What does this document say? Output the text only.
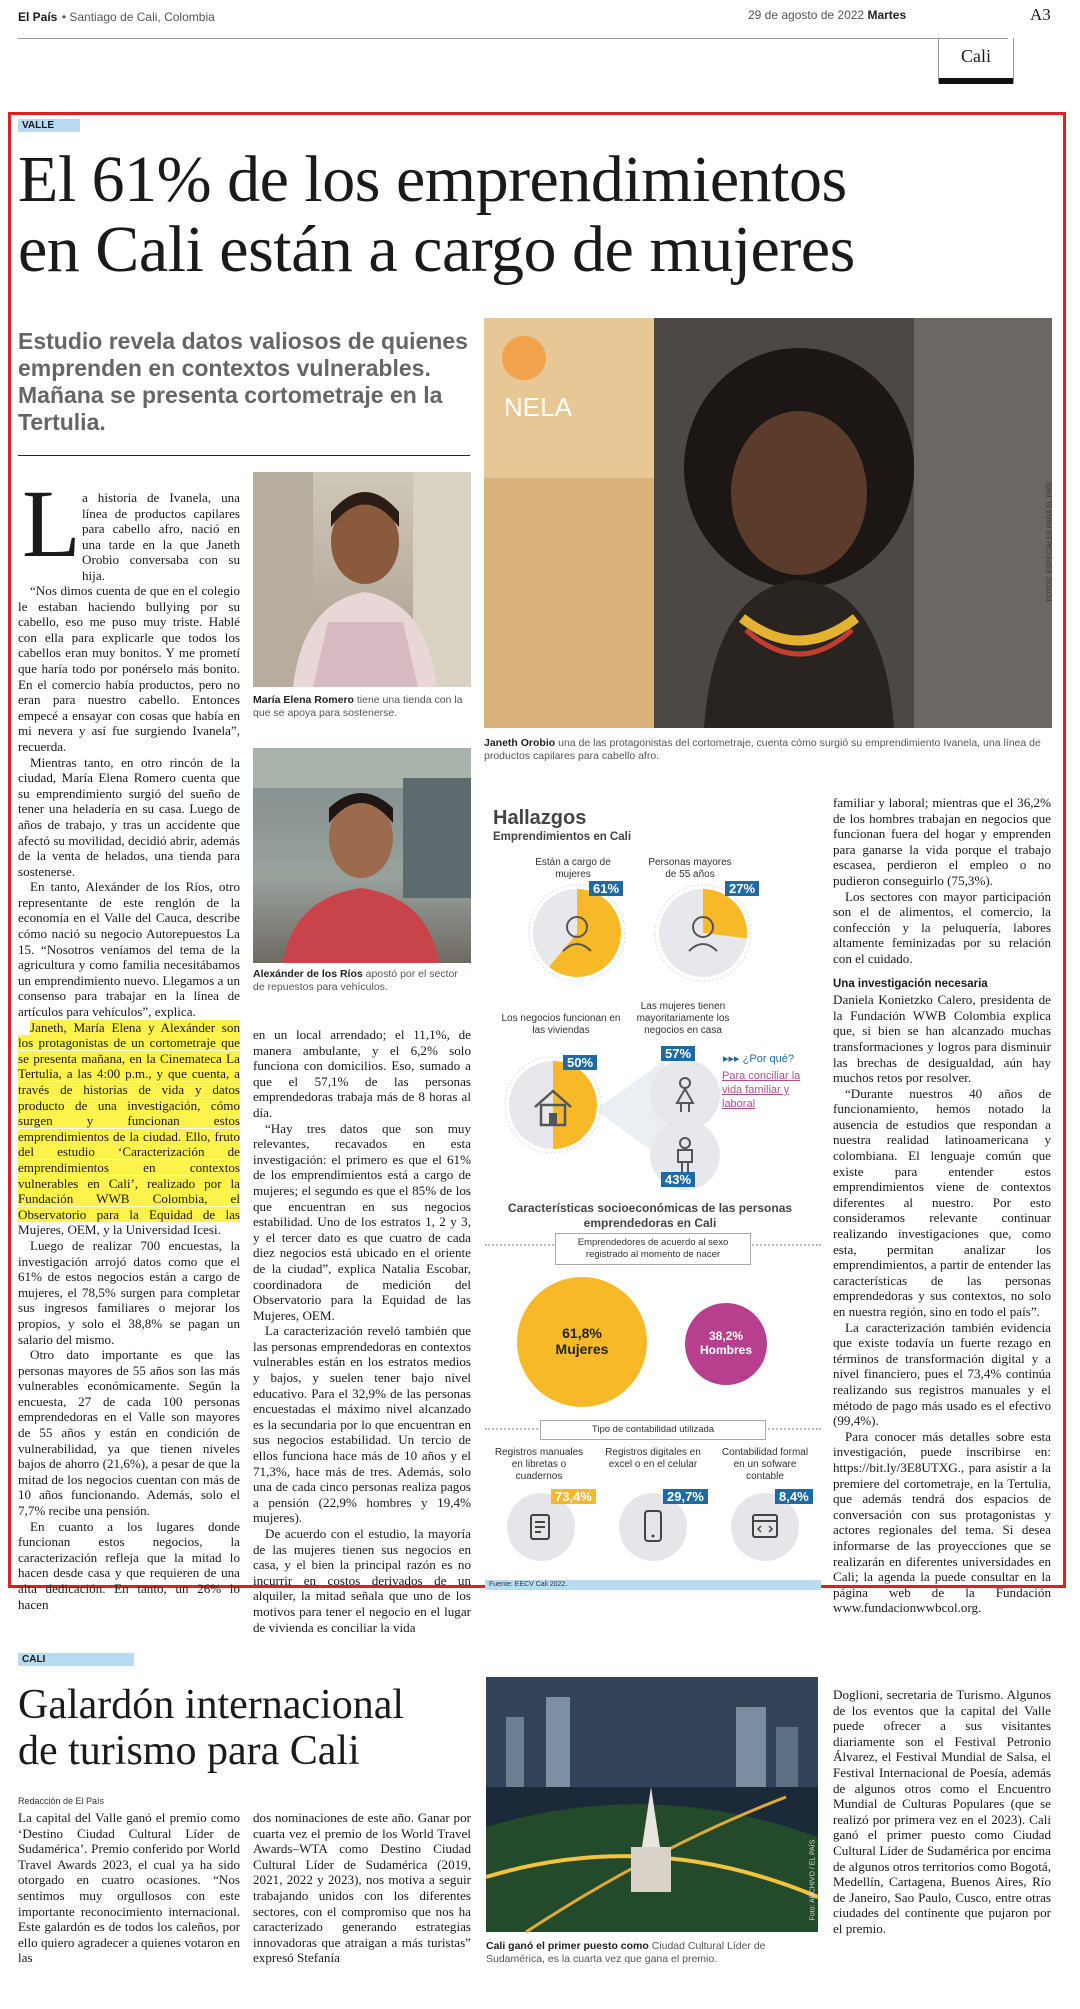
El País • Santiago de Cali, Colombia	29 de agosto de 2022 Martes	A3
Cali
VALLE
El 61% de los emprendimientos
en Cali están a cargo de mujeres
Estudio revela datos valiosos de quienes emprenden en contextos vulnerables. Mañana se presenta cortometraje en la Tertulia.
L a historia de Ivanela, una línea de productos capilares para cabello afro, nació en una tarde en la que Janeth Orobio conversaba con su hija.

“Nos dimos cuenta de que en el colegio le estaban haciendo bullying por su cabello, eso me puso muy triste. Hablé con ella para explicarle que todos los cabellos eran muy bonitos. Y me prometí que haría todo por ponérselo más bonito. En el comercio había productos, pero no eran para nuestro cabello. Entonces empecé a ensayar con cosas que había en mi nevera y así fue surgiendo Ivanela”, recuerda.

Mientras tanto, en otro rincón de la ciudad, María Elena Romero cuenta que su emprendimiento surgió del sueño de tener una heladería en su casa. Luego de años de trabajo, y tras un accidente que afectó su movilidad, decidió abrir, además de la venta de helados, una tienda para sostenerse.

En tanto, Alexánder de los Ríos, otro representante de este renglón de la economía en el Valle del Cauca, describe cómo nació su negocio Autorepuestos La 15. “Nosotros veníamos del tema de la agricultura y como familia necesitábamos un emprendimiento nuevo. Llegamos a un consenso para trabajar en la línea de artículos para vehículos”, explica.

Janeth, María Elena y Alexánder son los protagonistas de un cortometraje que se presenta mañana, en la Cinemateca La Tertulia, a las 4:00 p.m., y que cuenta, a través de historias de vida y datos producto de una investigación, cómo surgen y funcionan estos emprendimientos de la ciudad. Ello, fruto del estudio ‘Caracterización de emprendimientos en contextos vulnerables en Cali’, realizado por la Fundación WWB Colombia, el Observatorio para la Equidad de las Mujeres, OEM, y la Universidad Icesi.

Luego de realizar 700 encuestas, la investigación arrojó datos como que el 61% de estos negocios están a cargo de mujeres, el 78,5% surgen para completar sus ingresos familiares o mejorar los propios, y solo el 38,8% se pagan un salario del mismo.

Otro dato importante es que las personas mayores de 55 años son las más vulnerables económicamente. Según la encuesta, 27 de cada 100 personas emprendedoras en el Valle son mayores de 55 años y están en condición de vulnerabilidad, ya que tienen niveles bajos de ahorro (21,6%), a pesar de que la mitad de los negocios cuentan con más de 10 años funcionando. Además, solo el 7,7% recibe una pensión.

En cuanto a los lugares donde funcionan estos negocios, la caracterización refleja que la mitad lo hacen desde casa y que requieren de una alta dedicación. En tanto, un 26% lo hacen

María Elena Romero tiene una tienda con la que se apoya para sostenerse.
Alexánder de los Ríos apostó por el sector de repuestos para vehículos.
NELA
FOTOS: ESPECIALES PARA EL PAÍS
Janeth Orobio una de las protagonistas del cortometraje, cuenta cómo surgió su emprendimiento Ivanela, una línea de productos capilares para cabello afro.

en un local arrendado; el 11,1%, de manera ambulante, y el 6,2% solo funciona con domicilios. Eso, sumado a que el 57,1% de las personas emprendedoras trabaja más de 8 horas al día.

“Hay tres datos que son muy relevantes, recavados en esta investigación: el primero es que el 61% de los emprendimientos está a cargo de mujeres; el segundo es que el 85% de los que encuentran en sus negocios estabilidad. Uno de los estratos 1, 2 y 3, y el tercer dato es que cuatro de cada diez negocios está ubicado en el oriente de la ciudad”, explica Natalia Escobar, coordinadora de medición del Observatorio para la Equidad de las Mujeres, OEM.

La caracterización reveló también que las personas emprendedoras en contextos vulnerables están en los estratos medios y bajos, y suelen tener bajo nivel educativo. Para el 32,9% de las personas encuestadas el máximo nivel alcanzado es la secundaria por lo que encuentran en sus negocios estabilidad. Un tercio de ellos funciona hace más de 10 años y el 71,3%, hace más de tres. Además, solo una de cada cinco personas realiza pagos a pensión (22,9% hombres y 19,4% mujeres).

De acuerdo con el estudio, la mayoría de las mujeres tienen sus negocios en casa, y el bien la principal razón es no incurrir en costos derivados de un alquiler, la mitad señala que uno de los motivos para tener el negocio en el lugar de vivienda es conciliar la vida

Hallazgos
Emprendimientos en Cali
Están a cargo de mujeres
Personas mayores de 55 años
61%	27%
Los negocios funcionan en las viviendas
Las mujeres tienen mayoritariamente los negocios en casa
50%
57%
43%
▸▸▸ ¿Por qué?
Para conciliar la vida familiar y laboral
Características socioeconómicas de las personas emprendedoras en Cali
Emprendedores de acuerdo al sexo registrado al momento de nacer
61,8%
Mujeres
38,2%
Hombres
Tipo de contabilidad utilizada
Registros manuales en libretas o cuadernos
Registros digitales en excel o en el celular
Contabilidad formal en un sofware contable
73,4%	29,7%	8,4%
Fuente: EECV Cali 2022.

familiar y laboral; mientras que el 36,2% de los hombres trabajan en negocios que funcionan fuera del hogar y emprenden para ganarse la vida porque el trabajo escasea, perdieron el empleo o no pudieron conseguirlo (75,3%).

Los sectores con mayor participación son el de alimentos, el comercio, la confección y la peluquería, labores altamente feminizadas por su relación con el cuidado.

Una investigación necesaria

Daniela Konietzko Calero, presidenta de la Fundación WWB Colombia explica que, si bien se han alcanzado muchas transformaciones y logros para disminuir las brechas de desigualdad, aún hay muchos retos por resolver.

“Durante nuestros 40 años de funcionamiento, hemos notado la ausencia de estudios que respondan a nuestra realidad latinoamericana y colombiana. El lenguaje común que existe para entender estos emprendimientos viene de contextos diferentes al nuestro. Por esto consideramos relevante continuar realizando investigaciones que, como esta, permitan analizar los emprendimientos, a partir de entender las características de las personas emprendedoras y sus contextos, no solo en nuestra región, sino en todo el país”.

La caracterización también evidencia que existe todavía un fuerte rezago en términos de transformación digital y a nivel financiero, pues el 73,4% continúa realizando sus registros manuales y el método de pago más usado es el efectivo (99,4%).

Para conocer más detalles sobre esta investigación, puede inscribirse en: https://bit.ly/3E8UTXG., para asistir a la premiere del cortometraje, en la Tertulia, que además tendrá dos espacios de conversación con sus protagonistas y actores regionales del tema. Si desea informarse de las proyecciones que se realizarán en diferentes universidades en Cali; la agenda la puede consultar en la página web de la Fundación www.fundacionwwbcol.org.

CALI
Galardón internacional
de turismo para Cali
Redacción de El País
La capital del Valle ganó el premio como ‘Destino Ciudad Cultural Líder de Sudamérica’. Premio conferido por World Travel Awards 2023, el cual ya ha sido otorgado en cuatro ocasiones. “Nos sentimos muy orgullosos con este importante reconocimiento internacional. Este galardón es de todos los caleños, por ello quiero agradecer a quienes votaron en las
dos nominaciones de este año. Ganar por cuarta vez el premio de los World Travel Awards–WTA como Destino Ciudad Cultural Líder de Sudamérica (2019, 2021, 2022 y 2023), nos motiva a seguir trabajando unidos con los diferentes sectores, con el compromiso que nos ha caracterizado generando estrategias innovadoras que atraigan a más turistas” expresó Stefanía
Foto: ARCHIVO / EL PAÍS
Cali ganó el primer puesto como Ciudad Cultural Líder de Sudamérica, es la cuarta vez que gana el premio.
Doglioni, secretaria de Turismo. Algunos de los eventos que la capital del Valle puede ofrecer a sus visitantes diariamente son el Festival Petronio Álvarez, el Festival Mundial de Salsa, el Festival Internacional de Poesía, además de algunos otros como el Encuentro Mundial de Culturas Populares (que se realizó por primera vez en el 2023). Cali ganó el primer puesto como Ciudad Cultural Líder de Sudamérica por encima de algunos otros territorios como Bogotá, Medellín, Cartagena, Buenos Aires, Río de Janeiro, Sao Paulo, Cusco, entre otras ciudades del continente que pujaron por el premio.
